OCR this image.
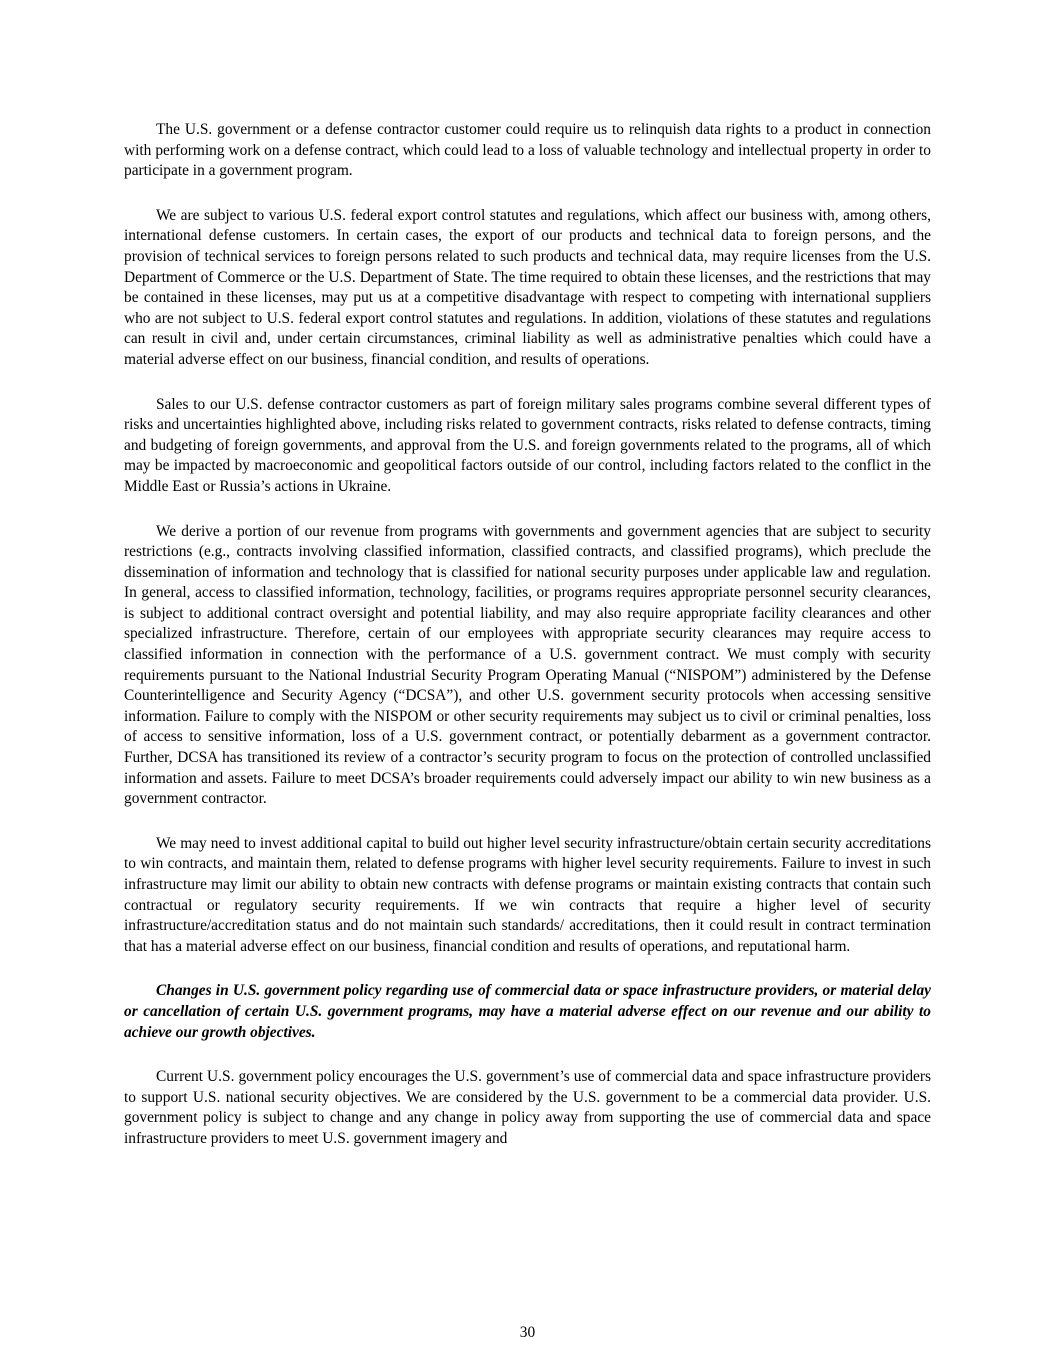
The U.S. government or a defense contractor customer could require us to relinquish data rights to a product in connection with performing work on a defense contract, which could lead to a loss of valuable technology and intellectual property in order to participate in a government program.

We are subject to various U.S. federal export control statutes and regulations, which affect our business with, among others, international defense customers. In certain cases, the export of our products and technical data to foreign persons, and the provision of technical services to foreign persons related to such products and technical data, may require licenses from the U.S. Department of Commerce or the U.S. Department of State. The time required to obtain these licenses, and the restrictions that may be contained in these licenses, may put us at a competitive disadvantage with respect to competing with international suppliers who are not subject to U.S. federal export control statutes and regulations. In addition, violations of these statutes and regulations can result in civil and, under certain circumstances, criminal liability as well as administrative penalties which could have a material adverse effect on our business, financial condition, and results of operations.

Sales to our U.S. defense contractor customers as part of foreign military sales programs combine several different types of risks and uncertainties highlighted above, including risks related to government contracts, risks related to defense contracts, timing and budgeting of foreign governments, and approval from the U.S. and foreign governments related to the programs, all of which may be impacted by macroeconomic and geopolitical factors outside of our control, including factors related to the conflict in the Middle East or Russia’s actions in Ukraine.

We derive a portion of our revenue from programs with governments and government agencies that are subject to security restrictions (e.g., contracts involving classified information, classified contracts, and classified programs), which preclude the dissemination of information and technology that is classified for national security purposes under applicable law and regulation. In general, access to classified information, technology, facilities, or programs requires appropriate personnel security clearances, is subject to additional contract oversight and potential liability, and may also require appropriate facility clearances and other specialized infrastructure. Therefore, certain of our employees with appropriate security clearances may require access to classified information in connection with the performance of a U.S. government contract. We must comply with security requirements pursuant to the National Industrial Security Program Operating Manual (“NISPOM”) administered by the Defense Counterintelligence and Security Agency (“DCSA”), and other U.S. government security protocols when accessing sensitive information. Failure to comply with the NISPOM or other security requirements may subject us to civil or criminal penalties, loss of access to sensitive information, loss of a U.S. government contract, or potentially debarment as a government contractor. Further, DCSA has transitioned its review of a contractor’s security program to focus on the protection of controlled unclassified information and assets. Failure to meet DCSA’s broader requirements could adversely impact our ability to win new business as a government contractor.

We may need to invest additional capital to build out higher level security infrastructure/obtain certain security accreditations to win contracts, and maintain them, related to defense programs with higher level security requirements. Failure to invest in such infrastructure may limit our ability to obtain new contracts with defense programs or maintain existing contracts that contain such contractual or regulatory security requirements. If we win contracts that require a higher level of security infrastructure/accreditation status and do not maintain such standards/ accreditations, then it could result in contract termination that has a material adverse effect on our business, financial condition and results of operations, and reputational harm.

Changes in U.S. government policy regarding use of commercial data or space infrastructure providers, or material delay or cancellation of certain U.S. government programs, may have a material adverse effect on our revenue and our ability to achieve our growth objectives.

Current U.S. government policy encourages the U.S. government’s use of commercial data and space infrastructure providers to support U.S. national security objectives. We are considered by the U.S. government to be a commercial data provider. U.S. government policy is subject to change and any change in policy away from supporting the use of commercial data and space infrastructure providers to meet U.S. government imagery and

30
